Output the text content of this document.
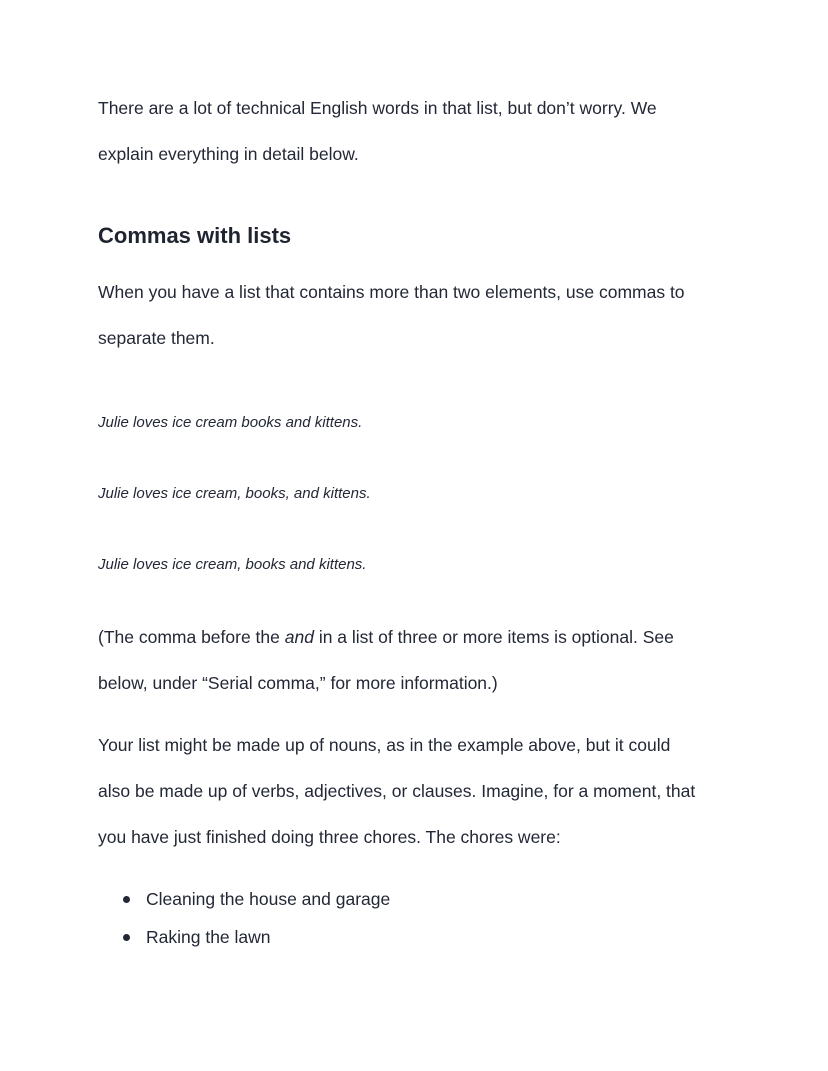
There are a lot of technical English words in that list, but don’t worry. We
explain everything in detail below.

Commas with lists

When you have a list that contains more than two elements, use commas to
separate them.

Julie loves ice cream books and kittens.

Julie loves ice cream, books, and kittens.

Julie loves ice cream, books and kittens.

(The comma before the and in a list of three or more items is optional. See
below, under “Serial comma,” for more information.)

Your list might be made up of nouns, as in the example above, but it could
also be made up of verbs, adjectives, or clauses. Imagine, for a moment, that
you have just finished doing three chores. The chores were:

Cleaning the house and garage
Raking the lawn
